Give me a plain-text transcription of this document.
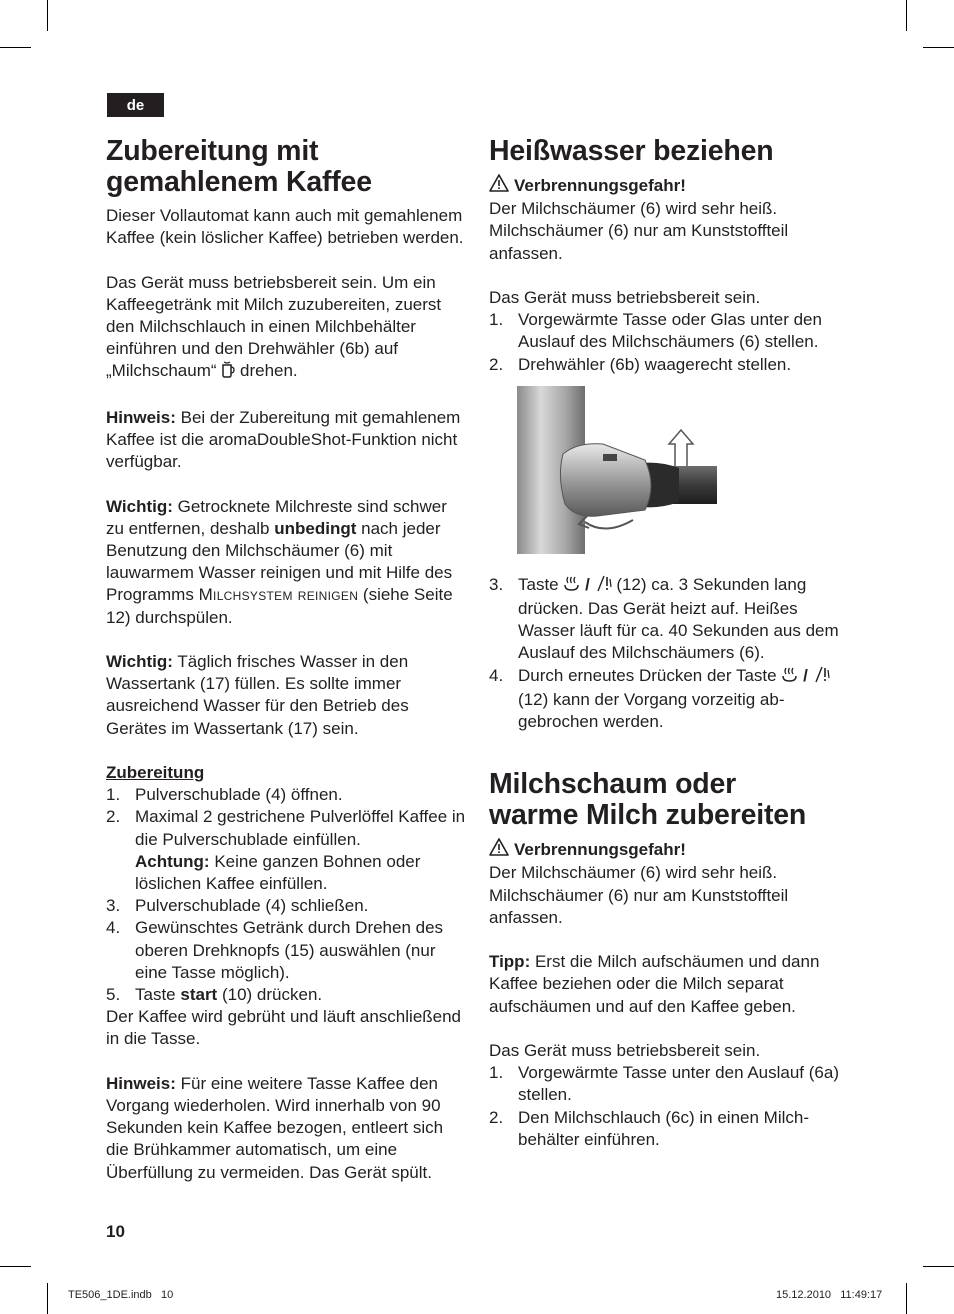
de
Zubereitung mit
gemahlenem Kaffee

Dieser Vollautomat kann auch mit gemahlenem Kaffee (kein löslicher Kaffee) betrieben werden.

Das Gerät muss betriebsbereit sein. Um ein Kaffeegetränk mit Milch zuzubereiten, zuerst den Milchschlauch in einen Milchbehälter einführen und den Drehwähler (6b) auf „Milchschaum“ drehen.

Hinweis: Bei der Zubereitung mit gemahlenem Kaffee ist die aromaDoubleShot-Funktion nicht verfügbar.

Wichtig: Getrocknete Milchreste sind schwer zu entfernen, deshalb unbedingt nach jeder Benutzung den Milchschäumer (6) mit lauwarmem Wasser reinigen und mit Hilfe des Programms Milchsystem reinigen (siehe Seite 12) durchspülen.

Wichtig: Täglich frisches Wasser in den Wassertank (17) füllen. Es sollte immer ausreichend Wasser für den Betrieb des Gerätes im Wassertank (17) sein.

Zubereitung

1. Pulverschublade (4) öffnen.
2. Maximal 2 gestrichene Pulverlöffel Kaffee in die Pulverschublade einfüllen.
Achtung: Keine ganzen Bohnen oder löslichen Kaffee einfüllen.
3. Pulverschublade (4) schließen.
4. Gewünschtes Getränk durch Drehen des oberen Drehknopfs (15) auswählen (nur eine Tasse möglich).
5. Taste start (10) drücken.

Der Kaffee wird gebrüht und läuft anschließend in die Tasse.

Hinweis: Für eine weitere Tasse Kaffee den Vorgang wiederholen. Wird innerhalb von 90 Sekunden kein Kaffee bezogen, entleert sich die Brühkammer automatisch, um eine Überfüllung zu vermeiden. Das Gerät spült.

Heißwasser beziehen

Verbrennungsgefahr!

Der Milchschäumer (6) wird sehr heiß. Milchschäumer (6) nur am Kunststoffteil anfassen.

Das Gerät muss betriebsbereit sein.

1. Vorgewärmte Tasse oder Glas unter den Auslauf des Milchschäumers (6) stellen.
2. Drehwähler (6b) waagerecht stellen.
3. Taste / (12) ca. 3 Sekunden lang drücken. Das Gerät heizt auf. Heißes Wasser läuft für ca. 40 Sekunden aus dem Auslauf des Milchschäumers (6).
4. Durch erneutes Drücken der Taste /  (12) kann der Vorgang vorzeitig abgebrochen werden.
Milchschaum oder
warme Milch zubereiten

Verbrennungsgefahr!

Der Milchschäumer (6) wird sehr heiß. Milchschäumer (6) nur am Kunststoffteil anfassen.

Tipp: Erst die Milch aufschäumen und dann Kaffee beziehen oder die Milch separat aufschäumen und auf den Kaffee geben.

Das Gerät muss betriebsbereit sein.

1. Vorgewärmte Tasse unter den Auslauf (6a) stellen.
2. Den Milchschlauch (6c) in einen Milchbehälter einführen.
10
TE506_1DE.indb   10	15.12.2010   11:49:17
